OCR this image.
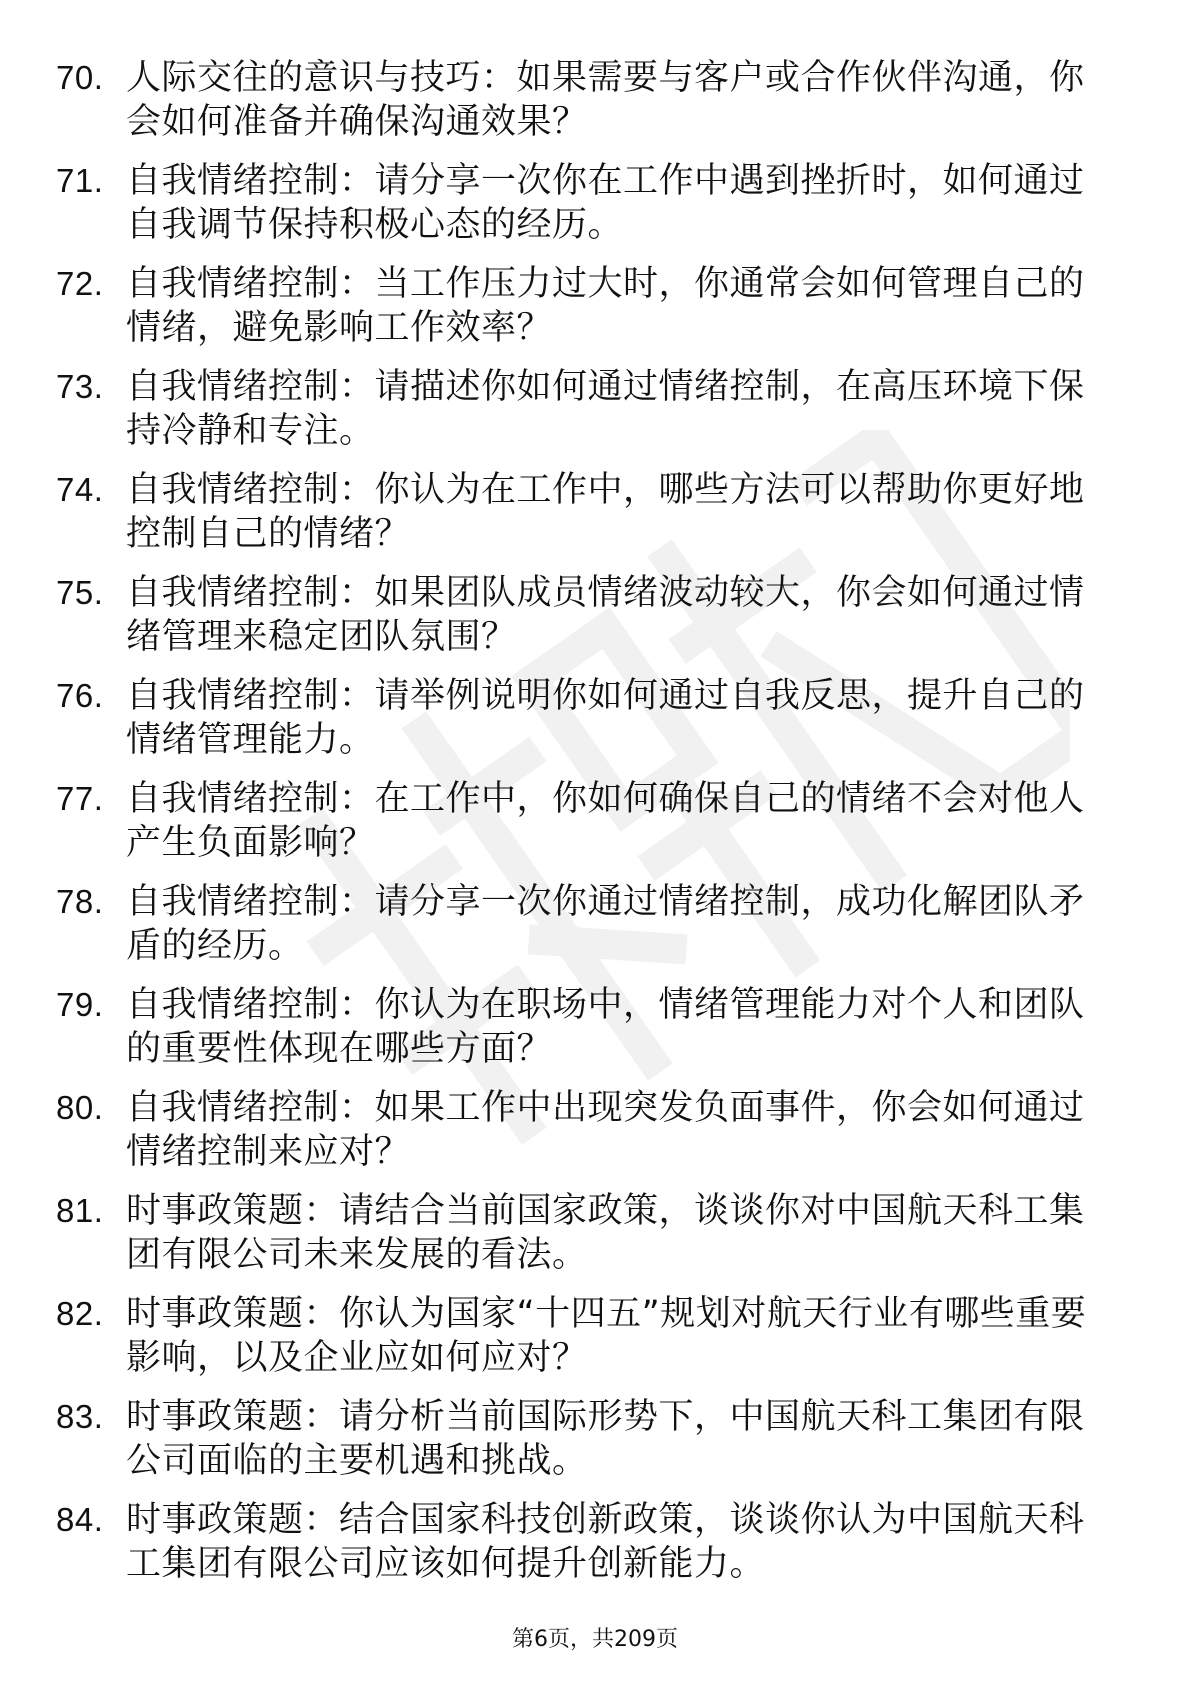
70. 人际交往的意识与技巧：如果需要与客户或合作伙伴沟通，你会如何准备并确保沟通效果？
71. 自我情绪控制：请分享一次你在工作中遇到挫折时，如何通过自我调节保持积极心态的经历。
72. 自我情绪控制：当工作压力过大时，你通常会如何管理自己的情绪，避免影响工作效率？
73. 自我情绪控制：请描述你如何通过情绪控制，在高压环境下保持冷静和专注。
74. 自我情绪控制：你认为在工作中，哪些方法可以帮助你更好地控制自己的情绪？
75. 自我情绪控制：如果团队成员情绪波动较大，你会如何通过情绪管理来稳定团队氛围？
76. 自我情绪控制：请举例说明你如何通过自我反思，提升自己的情绪管理能力。
77. 自我情绪控制：在工作中，你如何确保自己的情绪不会对他人产生负面影响？
78. 自我情绪控制：请分享一次你通过情绪控制，成功化解团队矛盾的经历。
79. 自我情绪控制：你认为在职场中，情绪管理能力对个人和团队的重要性体现在哪些方面？
80. 自我情绪控制：如果工作中出现突发负面事件，你会如何通过情绪控制来应对？
81. 时事政策题：请结合当前国家政策，谈谈你对中国航天科工集团有限公司未来发展的看法。
82. 时事政策题：你认为国家“十四五”规划对航天行业有哪些重要影响，以及企业应如何应对？
83. 时事政策题：请分析当前国际形势下，中国航天科工集团有限公司面临的主要机遇和挑战。
84. 时事政策题：结合国家科技创新政策，谈谈你认为中国航天科工集团有限公司应该如何提升创新能力。
第6页，共209页
